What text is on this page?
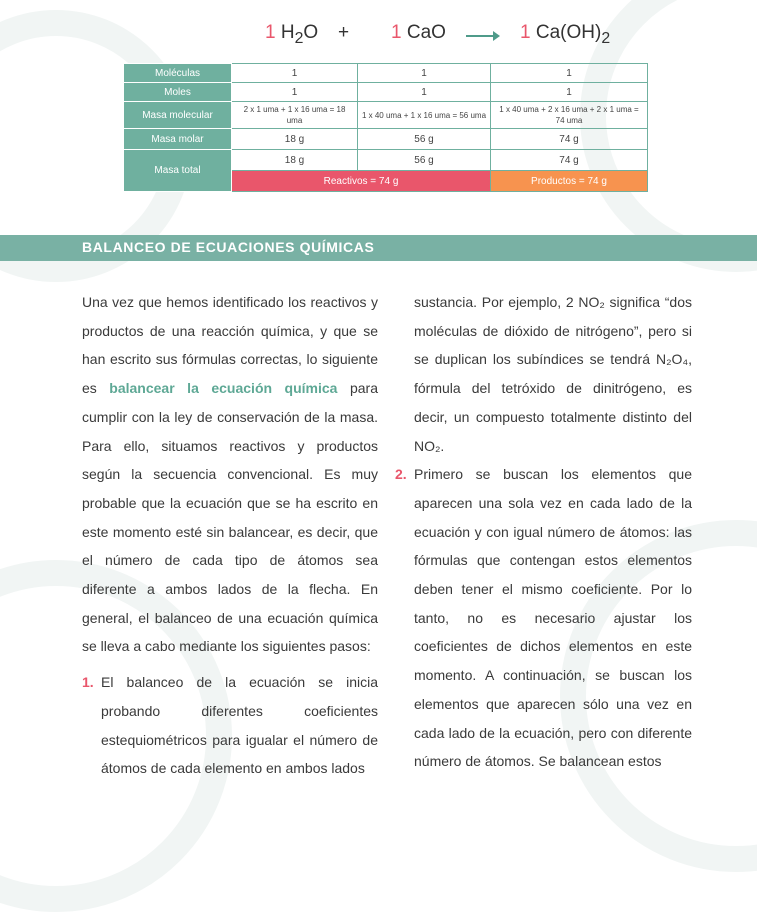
1 $H_2O + 1$ CaO → 1 $Ca(OH)_2$
Moléculas	1	1	1
Moles	1	1	1
Masa molecular	2 x 1 uma + 1 x 16 uma = 18 uma	1 x 40 uma + 1 x 16 uma = 56 uma	1 x 40 uma + 2 x 16 uma + 2 x 1 uma = 74 uma
Masa molar	18 g	56 g	74 g
Masa total	18 g	56 g	74 g
	Reactivos = 74 g		Productos = 74 g
BALANCEO DE ECUACIONES QUÍMICAS

Una vez que hemos identificado los reactivos y productos de una reacción química, y que se han escrito sus fórmulas correctas, lo siguiente es balancear la ecuación química para cumplir con la ley de conservación de la masa. Para ello, situamos reactivos y productos según la secuencia convencional. Es muy probable que la ecuación que se ha escrito en este momento esté sin balancear, es decir, que el número de cada tipo de átomos sea diferente a ambos lados de la flecha. En general, el balanceo de una ecuación química se lleva a cabo mediante los siguientes pasos:

1. El balanceo de la ecuación se inicia probando diferentes coeficientes estequiométricos para igualar el número de átomos de cada elemento en ambos lados

sustancia. Por ejemplo, 2 NO₂ significa “dos moléculas de dióxido de nitrógeno”, pero si se duplican los subíndices se tendrá N₂O₄, fórmula del tetróxido de dinitrógeno, es decir, un compuesto totalmente distinto del NO₂.

2. Primero se buscan los elementos que aparecen una sola vez en cada lado de la ecuación y con igual número de átomos: las fórmulas que contengan estos elementos deben tener el mismo coeficiente. Por lo tanto, no es necesario ajustar los coeficientes de dichos elementos en este momento. A continuación, se buscan los elementos que aparecen sólo una vez en cada lado de la ecuación, pero con diferente número de átomos. Se balancean estos
